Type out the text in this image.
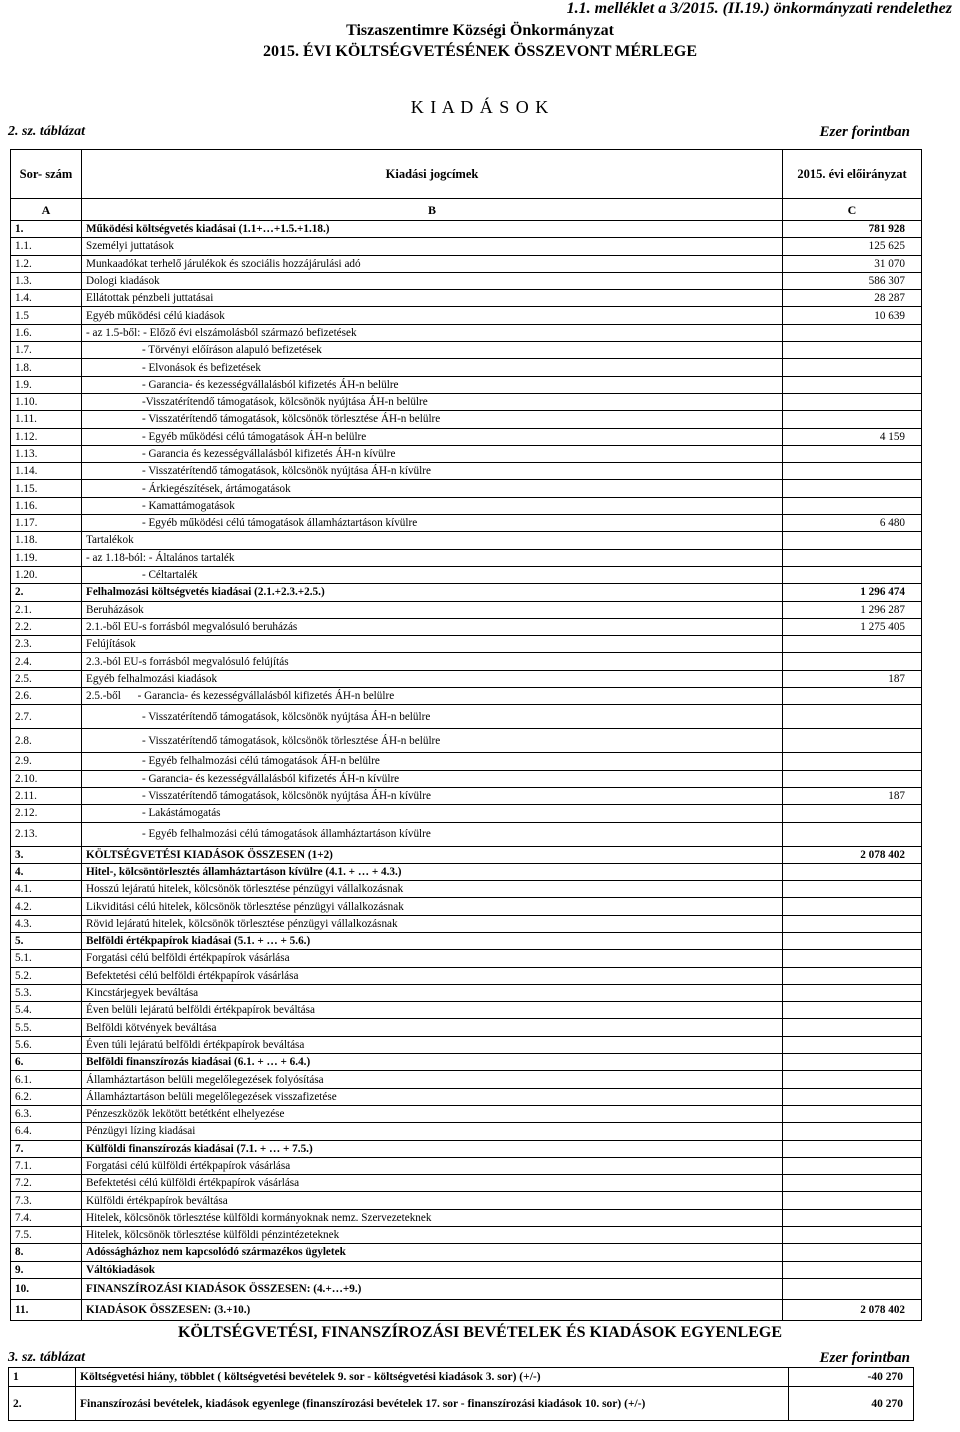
1.1. melléklet a 3/2015. (II.19.) önkormányzati rendelethez
Tiszaszentimre Községi Önkormányzat
2015. ÉVI KÖLTSÉGVETÉSÉNEK ÖSSZEVONT MÉRLEGE
K I A D Á S O K
2. sz. táblázat	Ezer forintban
Sor- szám	Kiadási jogcímek	2015. évi előirányzat
A	B	C
1.	Működési költségvetés kiadásai (1.1+…+1.5.+1.18.)	781 928
1.1.	Személyi juttatások	125 625
1.2.	Munkaadókat terhelő járulékok és szociális hozzájárulási adó	31 070
1.3.	Dologi kiadások	586 307
1.4.	Ellátottak pénzbeli juttatásai	28 287
1.5	Egyéb működési célú kiadások	10 639
1.6.	- az 1.5-ből: - Előző évi elszámolásból származó befizetések	
1.7.	- Törvényi előíráson alapuló befizetések	
1.8.	- Elvonások és befizetések	
1.9.	- Garancia- és kezességvállalásból kifizetés ÁH-n belülre	
1.10.	-Visszatérítendő támogatások, kölcsönök nyújtása ÁH-n belülre	
1.11.	- Visszatérítendő támogatások, kölcsönök törlesztése ÁH-n belülre	
1.12.	- Egyéb működési célú támogatások ÁH-n belülre	4 159
1.13.	- Garancia és kezességvállalásból kifizetés ÁH-n kívülre	
1.14.	- Visszatérítendő támogatások, kölcsönök nyújtása ÁH-n kívülre	
1.15.	- Árkiegészítések, ártámogatások	
1.16.	- Kamattámogatások	
1.17.	- Egyéb működési célú támogatások államháztartáson kívülre	6 480
1.18.	Tartalékok	
1.19.	- az 1.18-ból: - Általános tartalék	
1.20.	- Céltartalék	
2.	Felhalmozási költségvetés kiadásai (2.1.+2.3.+2.5.)	1 296 474
2.1.	Beruházások	1 296 287
2.2.	2.1.-ből EU-s forrásból megvalósuló beruházás	1 275 405
2.3.	Felújítások	
2.4.	2.3.-ból EU-s forrásból megvalósuló felújítás	
2.5.	Egyéb felhalmozási kiadások	187
2.6.	2.5.-ből      - Garancia- és kezességvállalásból kifizetés ÁH-n belülre	
2.7.	- Visszatérítendő támogatások, kölcsönök nyújtása ÁH-n belülre	
2.8.	- Visszatérítendő támogatások, kölcsönök törlesztése ÁH-n belülre	
2.9.	- Egyéb felhalmozási célú támogatások ÁH-n belülre	
2.10.	- Garancia- és kezességvállalásból kifizetés ÁH-n kívülre	
2.11.	- Visszatérítendő támogatások, kölcsönök nyújtása ÁH-n kívülre	187
2.12.	- Lakástámogatás	
2.13.	- Egyéb felhalmozási célú támogatások államháztartáson kívülre	
3.	KÖLTSÉGVETÉSI KIADÁSOK ÖSSZESEN (1+2)	2 078 402
4.	Hitel-, kölcsöntörlesztés államháztartáson kívülre (4.1. + … + 4.3.)	
4.1.	Hosszú lejáratú hitelek, kölcsönök törlesztése pénzügyi vállalkozásnak	
4.2.	Likviditási célú hitelek, kölcsönök törlesztése pénzügyi vállalkozásnak	
4.3.	Rövid lejáratú hitelek, kölcsönök törlesztése pénzügyi vállalkozásnak	
5.	Belföldi értékpapírok kiadásai (5.1. + … + 5.6.)	
5.1.	Forgatási célú belföldi értékpapírok vásárlása	
5.2.	Befektetési célú belföldi értékpapírok vásárlása	
5.3.	Kincstárjegyek beváltása	
5.4.	Éven belüli lejáratú belföldi értékpapírok beváltása	
5.5.	Belföldi kötvények beváltása	
5.6.	Éven túli lejáratú belföldi értékpapírok beváltása	
6.	Belföldi finanszírozás kiadásai (6.1. + … + 6.4.)	
6.1.	Államháztartáson belüli megelőlegezések folyósítása	
6.2.	Államháztartáson belüli megelőlegezések visszafizetése	
6.3.	Pénzeszközök lekötött betétként elhelyezése	
6.4.	Pénzügyi lízing kiadásai	
7.	Külföldi finanszírozás kiadásai (7.1. + … + 7.5.)	
7.1.	Forgatási célú külföldi értékpapírok vásárlása	
7.2.	Befektetési célú külföldi értékpapírok vásárlása	
7.3.	Külföldi értékpapírok beváltása	
7.4.	Hitelek, kölcsönök törlesztése külföldi kormányoknak nemz. Szervezeteknek	
7.5.	Hitelek, kölcsönök törlesztése külföldi pénzintézeteknek	
8.	Adósságházhoz nem kapcsolódó származékos ügyletek	
9.	Váltókiadások	
10.	FINANSZÍROZÁSI KIADÁSOK ÖSSZESEN: (4.+…+9.)	
11.	KIADÁSOK ÖSSZESEN: (3.+10.)	2 078 402
KÖLTSÉGVETÉSI, FINANSZÍROZÁSI BEVÉTELEK ÉS KIADÁSOK EGYENLEGE
3. sz. táblázat	Ezer forintban
1	Költségvetési hiány, többlet ( költségvetési bevételek 9. sor - költségvetési kiadások 3. sor) (+/-)	-40 270
2.	Finanszírozási bevételek, kiadások egyenlege (finanszírozási bevételek 17. sor - finanszírozási kiadások 10. sor) (+/-)	40 270
